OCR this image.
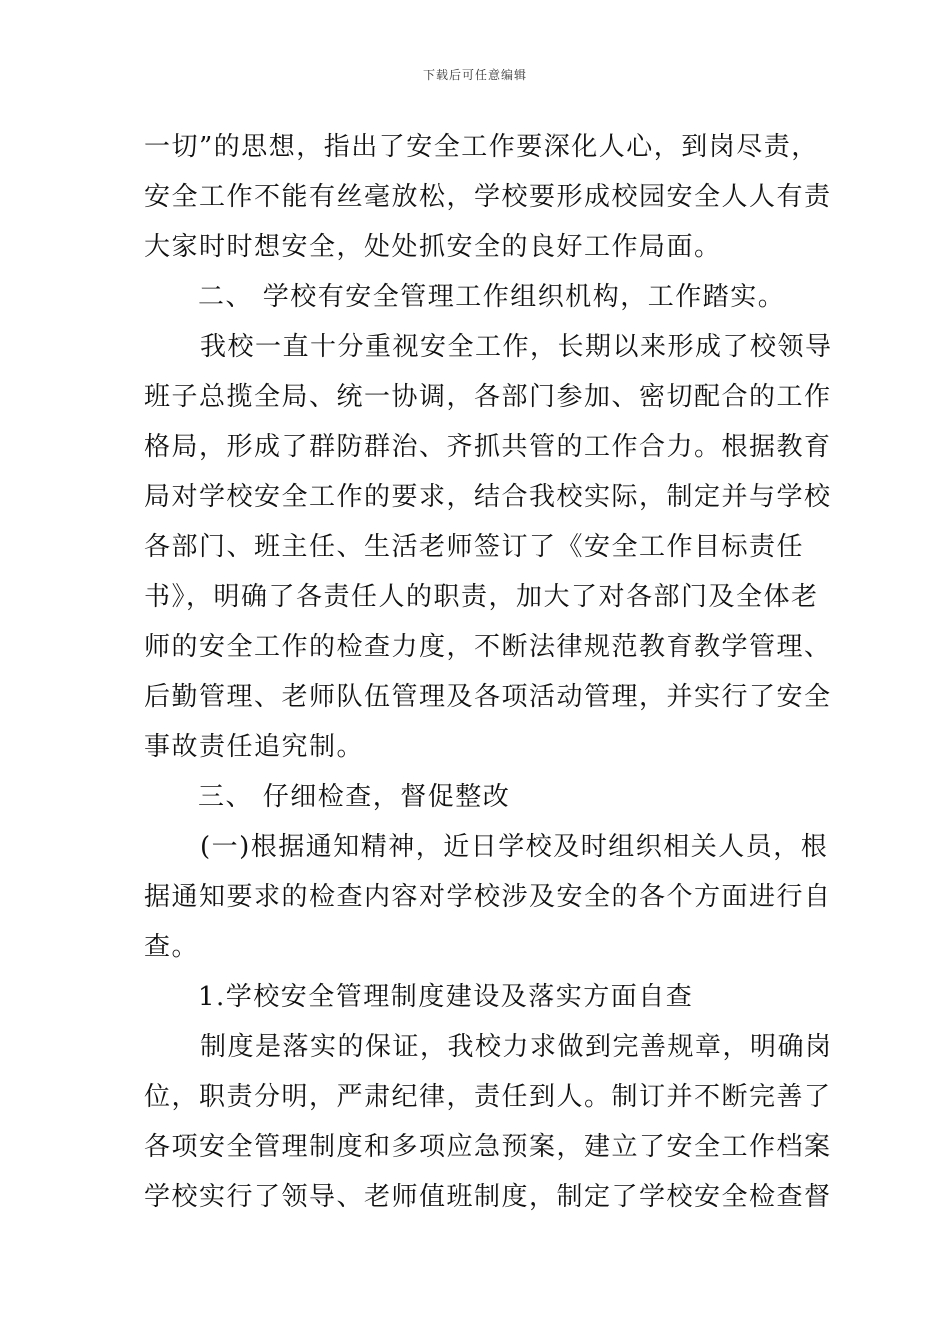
下载后可任意编辑
一切”的思想，指出了安全工作要深化人心，到岗尽责，
安全工作不能有丝毫放松，学校要形成校园安全人人有责
大家时时想安全，处处抓安全的良好工作局面。
二、 学校有安全管理工作组织机构，工作踏实。
我校一直十分重视安全工作，长期以来形成了校领导
班子总揽全局、统一协调，各部门参加、密切配合的工作
格局，形成了群防群治、齐抓共管的工作合力。根据教育
局对学校安全工作的要求，结合我校实际，制定并与学校
各部门、班主任、生活老师签订了《安全工作目标责任
书》，明确了各责任人的职责，加大了对各部门及全体老
师的安全工作的检查力度，不断法律规范教育教学管理、
后勤管理、老师队伍管理及各项活动管理，并实行了安全
事故责任追究制。
三、 仔细检查，督促整改
(一)根据通知精神，近日学校及时组织相关人员，根
据通知要求的检查内容对学校涉及安全的各个方面进行自
查。
1.学校安全管理制度建设及落实方面自查
制度是落实的保证，我校力求做到完善规章，明确岗
位，职责分明，严肃纪律，责任到人。制订并不断完善了
各项安全管理制度和多项应急预案，建立了安全工作档案
学校实行了领导、老师值班制度，制定了学校安全检查督
